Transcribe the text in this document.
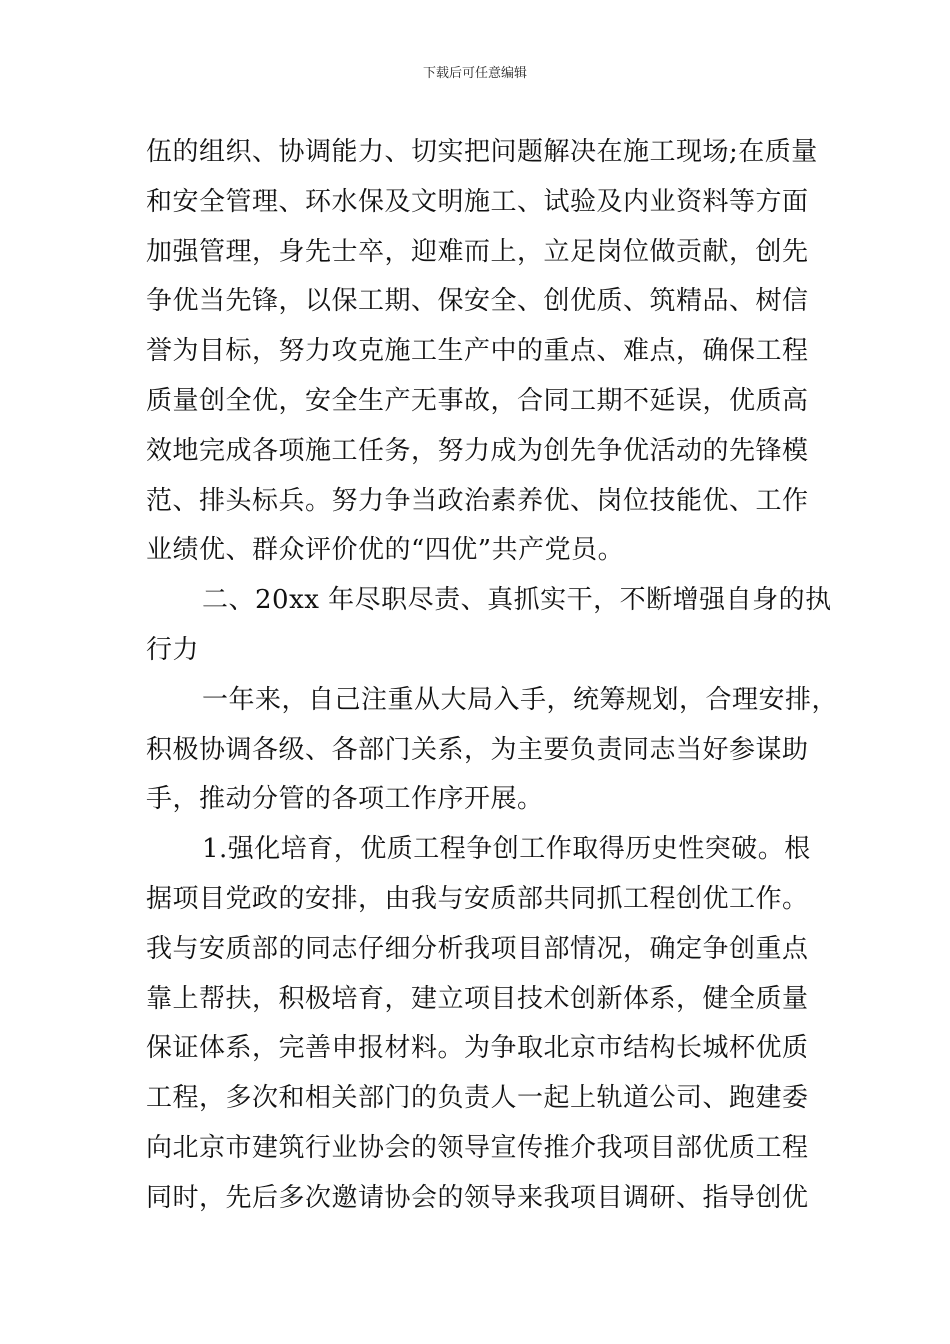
下载后可任意编辑
伍的组织、协调能力、切实把问题解决在施工现场;在质量
和安全管理、环水保及文明施工、试验及内业资料等方面
加强管理，身先士卒，迎难而上，立足岗位做贡献，创先
争优当先锋，以保工期、保安全、创优质、筑精品、树信
誉为目标，努力攻克施工生产中的重点、难点，确保工程
质量创全优，安全生产无事故，合同工期不延误，优质高
效地完成各项施工任务，努力成为创先争优活动的先锋模
范、排头标兵。努力争当政治素养优、岗位技能优、工作
业绩优、群众评价优的“四优”共产党员。
二、20xx 年尽职尽责、真抓实干，不断增强自身的执
行力
一年来，自己注重从大局入手，统筹规划，合理安排，
积极协调各级、各部门关系，为主要负责同志当好参谋助
手，推动分管的各项工作序开展。
1.强化培育，优质工程争创工作取得历史性突破。根
据项目党政的安排，由我与安质部共同抓工程创优工作。
我与安质部的同志仔细分析我项目部情况，确定争创重点
靠上帮扶，积极培育，建立项目技术创新体系，健全质量
保证体系，完善申报材料。为争取北京市结构长城杯优质
工程，多次和相关部门的负责人一起上轨道公司、跑建委
向北京市建筑行业协会的领导宣传推介我项目部优质工程
同时，先后多次邀请协会的领导来我项目调研、指导创优
